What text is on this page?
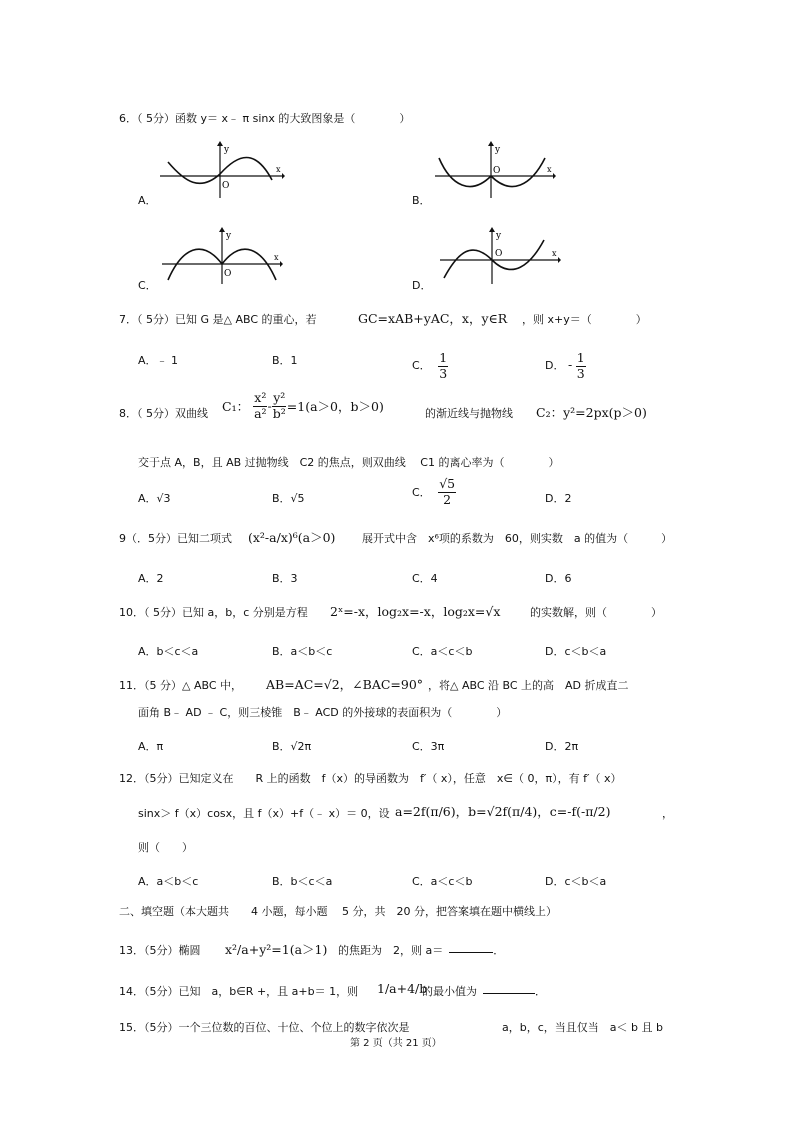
6．（ 5分）函数 y＝ x﹣ π sinx 的大致图象是（　　　　）
A．	B．
C．	D．
y
O
x
y
O	x
y
O
x
y
O	x
7．（ 5分）已知 G 是△ ABC 的重心，若	GC=xAB+yAC，x，y∈R ，则 x+y＝（　　　　）
A．﹣ 1	B．1	C． $\frac{1}{3}$	D． - $\frac{1}{3}$
8．（ 5分）双曲线 C₁： $\frac{\text{x²}}{\text{a²}} - \frac{\text{y²}}{\text{b²}} =1(a>0$，b＞0)	的渐近线与抛物线 C₂：y²=2px(p＞0)
交于点 A，B，且 AB 过抛物线　C2 的焦点，则双曲线　 C1 的离心率为（　　　　）
A．√3	B．√5	C． $\frac{√5}{2}$	D．2
9（．5分）已知二项式 (x²-a/x)⁶(a＞0) 展开式中含　x⁶项的系数为　60，则实数　a 的值为（　　　）
A．2	B．3	C．4	D．6
10．（ 5分）已知 a，b，c 分别是方程 2ˣ=-x，log₂x=-x，log₂x=√x	的实数解，则（　　　　）
A．b＜c＜a	B．a＜b＜c	C．a＜c＜b	D．c＜b＜a
11．（5 分）△ ABC 中， AB=AC=√2，∠BAC=90° ，将△ ABC 沿 BC 上的高　AD 折成直二
面角 B﹣ AD ﹣ C，则三棱锥　B﹣ ACD 的外接球的表面积为（　　　　）
A．π	B．√2π	C．3π	D．2π
12．（5分）已知定义在　　R 上的函数　f（x）的导函数为　f′（ x），任意　x∈（ 0，π），有 f′（ x）
sinx＞ f（x）cosx，且 f（x）+f（﹣ x）＝ 0，设 a=2f(π/6)，b=√2f(π/4)，c=-f(-π/2)	，
则（　　）
A．a＜b＜c	B．b＜c＜a	C．a＜c＜b	D．c＜b＜a
二、填空题（本大题共　　4 小题，每小题　 5 分，共　20 分，把答案填在题中横线上）
13．（5分）椭圆 x²/a+y²=1(a＞1) 的焦距为　2，则 a＝	．
14．（5分）已知　a，b∈R +，且 a+b＝ 1，则 1/a+4/b
的最小值为	．
15．（5分）一个三位数的百位、十位、个位上的数字依次是	a，b，c，当且仅当　a＜ b 且 b
第 2 页（共 21 页）
